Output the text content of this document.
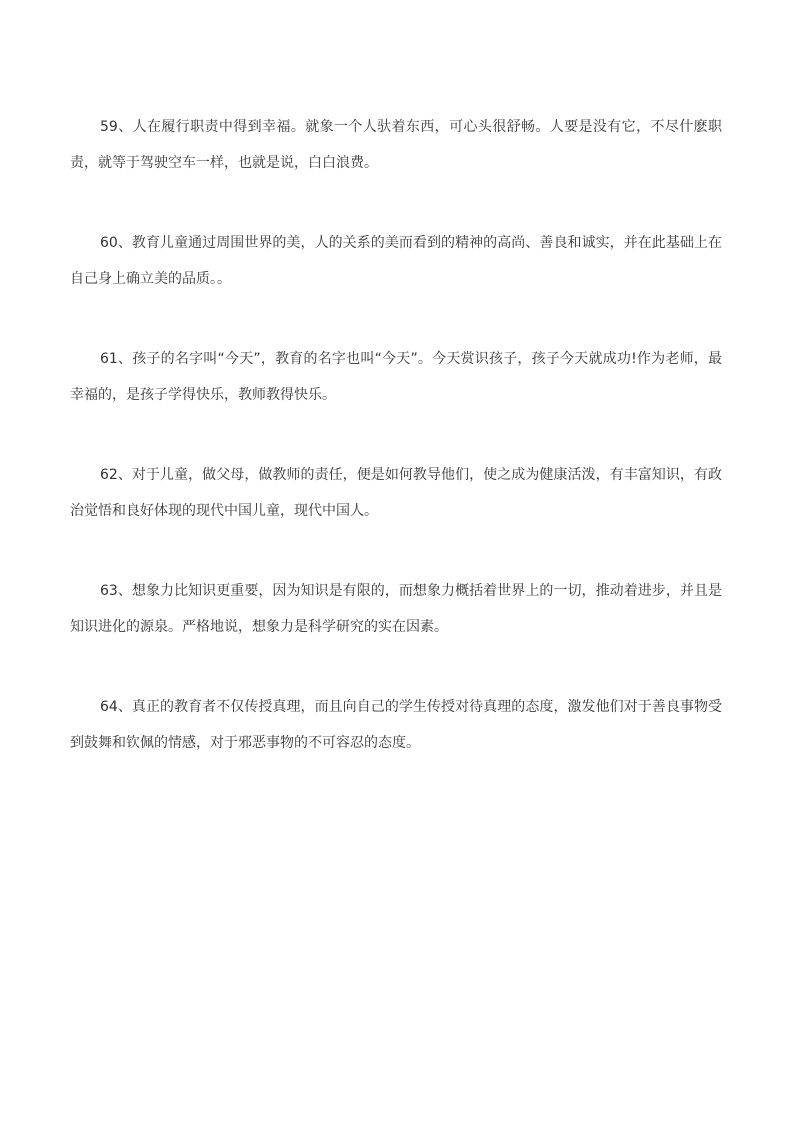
59、人在履行职责中得到幸福。就象一个人驮着东西，可心头很舒畅。人要是没有它，不尽什麽职责，就等于驾驶空车一样，也就是说，白白浪费。

60、教育儿童通过周围世界的美，人的关系的美而看到的精神的高尚、善良和诚实，并在此基础上在自己身上确立美的品质。。

61、孩子的名字叫“今天”，教育的名字也叫“今天”。今天赏识孩子，孩子今天就成功!作为老师，最幸福的，是孩子学得快乐，教师教得快乐。

62、对于儿童，做父母，做教师的责任，便是如何教导他们，使之成为健康活泼，有丰富知识，有政治觉悟和良好体现的现代中国儿童，现代中国人。

63、想象力比知识更重要，因为知识是有限的，而想象力概括着世界上的一切，推动着进步，并且是知识进化的源泉。严格地说，想象力是科学研究的实在因素。

64、真正的教育者不仅传授真理，而且向自己的学生传授对待真理的态度，激发他们对于善良事物受到鼓舞和钦佩的情感，对于邪恶事物的不可容忍的态度。
